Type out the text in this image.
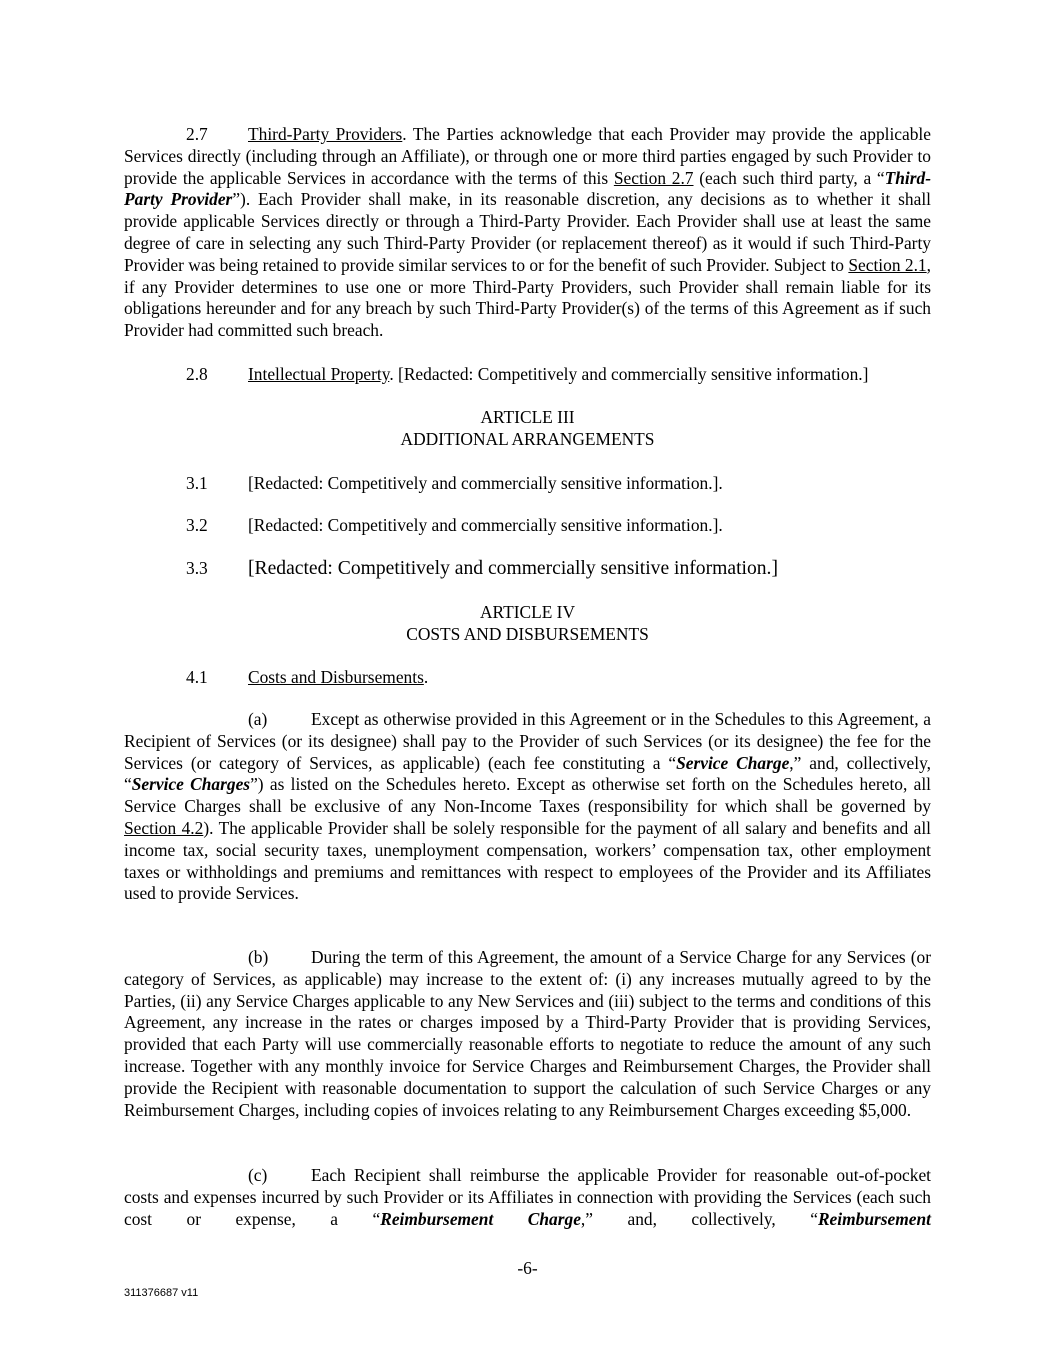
2.7 Third-Party Providers. The Parties acknowledge that each Provider may provide the applicable Services directly (including through an Affiliate), or through one or more third parties engaged by such Provider to provide the applicable Services in accordance with the terms of this Section 2.7 (each such third party, a “Third-Party Provider”). Each Provider shall make, in its reasonable discretion, any decisions as to whether it shall provide applicable Services directly or through a Third-Party Provider. Each Provider shall use at least the same degree of care in selecting any such Third-Party Provider (or replacement thereof) as it would if such Third-Party Provider was being retained to provide similar services to or for the benefit of such Provider. Subject to Section 2.1, if any Provider determines to use one or more Third-Party Providers, such Provider shall remain liable for its obligations hereunder and for any breach by such Third-Party Provider(s) of the terms of this Agreement as if such Provider had committed such breach.

2.8 Intellectual Property. [Redacted: Competitively and commercially sensitive information.]

ARTICLE III

ADDITIONAL ARRANGEMENTS

3.1 [Redacted: Competitively and commercially sensitive information.].

3.2 [Redacted: Competitively and commercially sensitive information.].

3.3 [Redacted: Competitively and commercially sensitive information.]

ARTICLE IV

COSTS AND DISBURSEMENTS

4.1 Costs and Disbursements.

(a)	Except as otherwise provided in this Agreement or in the Schedules to this Agreement, a Recipient of Services (or its designee) shall pay to the Provider of such Services (or its designee) the fee for the Services (or category of Services, as applicable) (each fee constituting a “Service Charge,” and, collectively, “Service Charges”) as listed on the Schedules hereto. Except as otherwise set forth on the Schedules hereto, all Service Charges shall be exclusive of any Non-Income Taxes (responsibility for which shall be governed by Section 4.2). The applicable Provider shall be solely responsible for the payment of all salary and benefits and all income tax, social security taxes, unemployment compensation, workers’ compensation tax, other employment taxes or withholdings and premiums and remittances with respect to employees of the Provider and its Affiliates used to provide Services.

(b) During the term of this Agreement, the amount of a Service Charge for any Services (or category of Services, as applicable) may increase to the extent of: (i) any increases mutually agreed to by the Parties, (ii) any Service Charges applicable to any New Services and (iii) subject to the terms and conditions of this Agreement, any increase in the rates or charges imposed by a Third-Party Provider that is providing Services, provided that each Party will use commercially reasonable efforts to negotiate to reduce the amount of any such increase. Together with any monthly invoice for Service Charges and Reimbursement Charges, the Provider shall provide the Recipient with reasonable documentation to support the calculation of such Service Charges or any Reimbursement Charges, including copies of invoices relating to any Reimbursement Charges exceeding $5,000.

(c)	Each Recipient shall reimburse the applicable Provider for reasonable out-of-pocket costs and expenses incurred by such Provider or its Affiliates in connection with providing the Services (each such cost or expense, a “Reimbursement Charge,” and, collectively, “Reimbursement

-6-
311376687 v11
